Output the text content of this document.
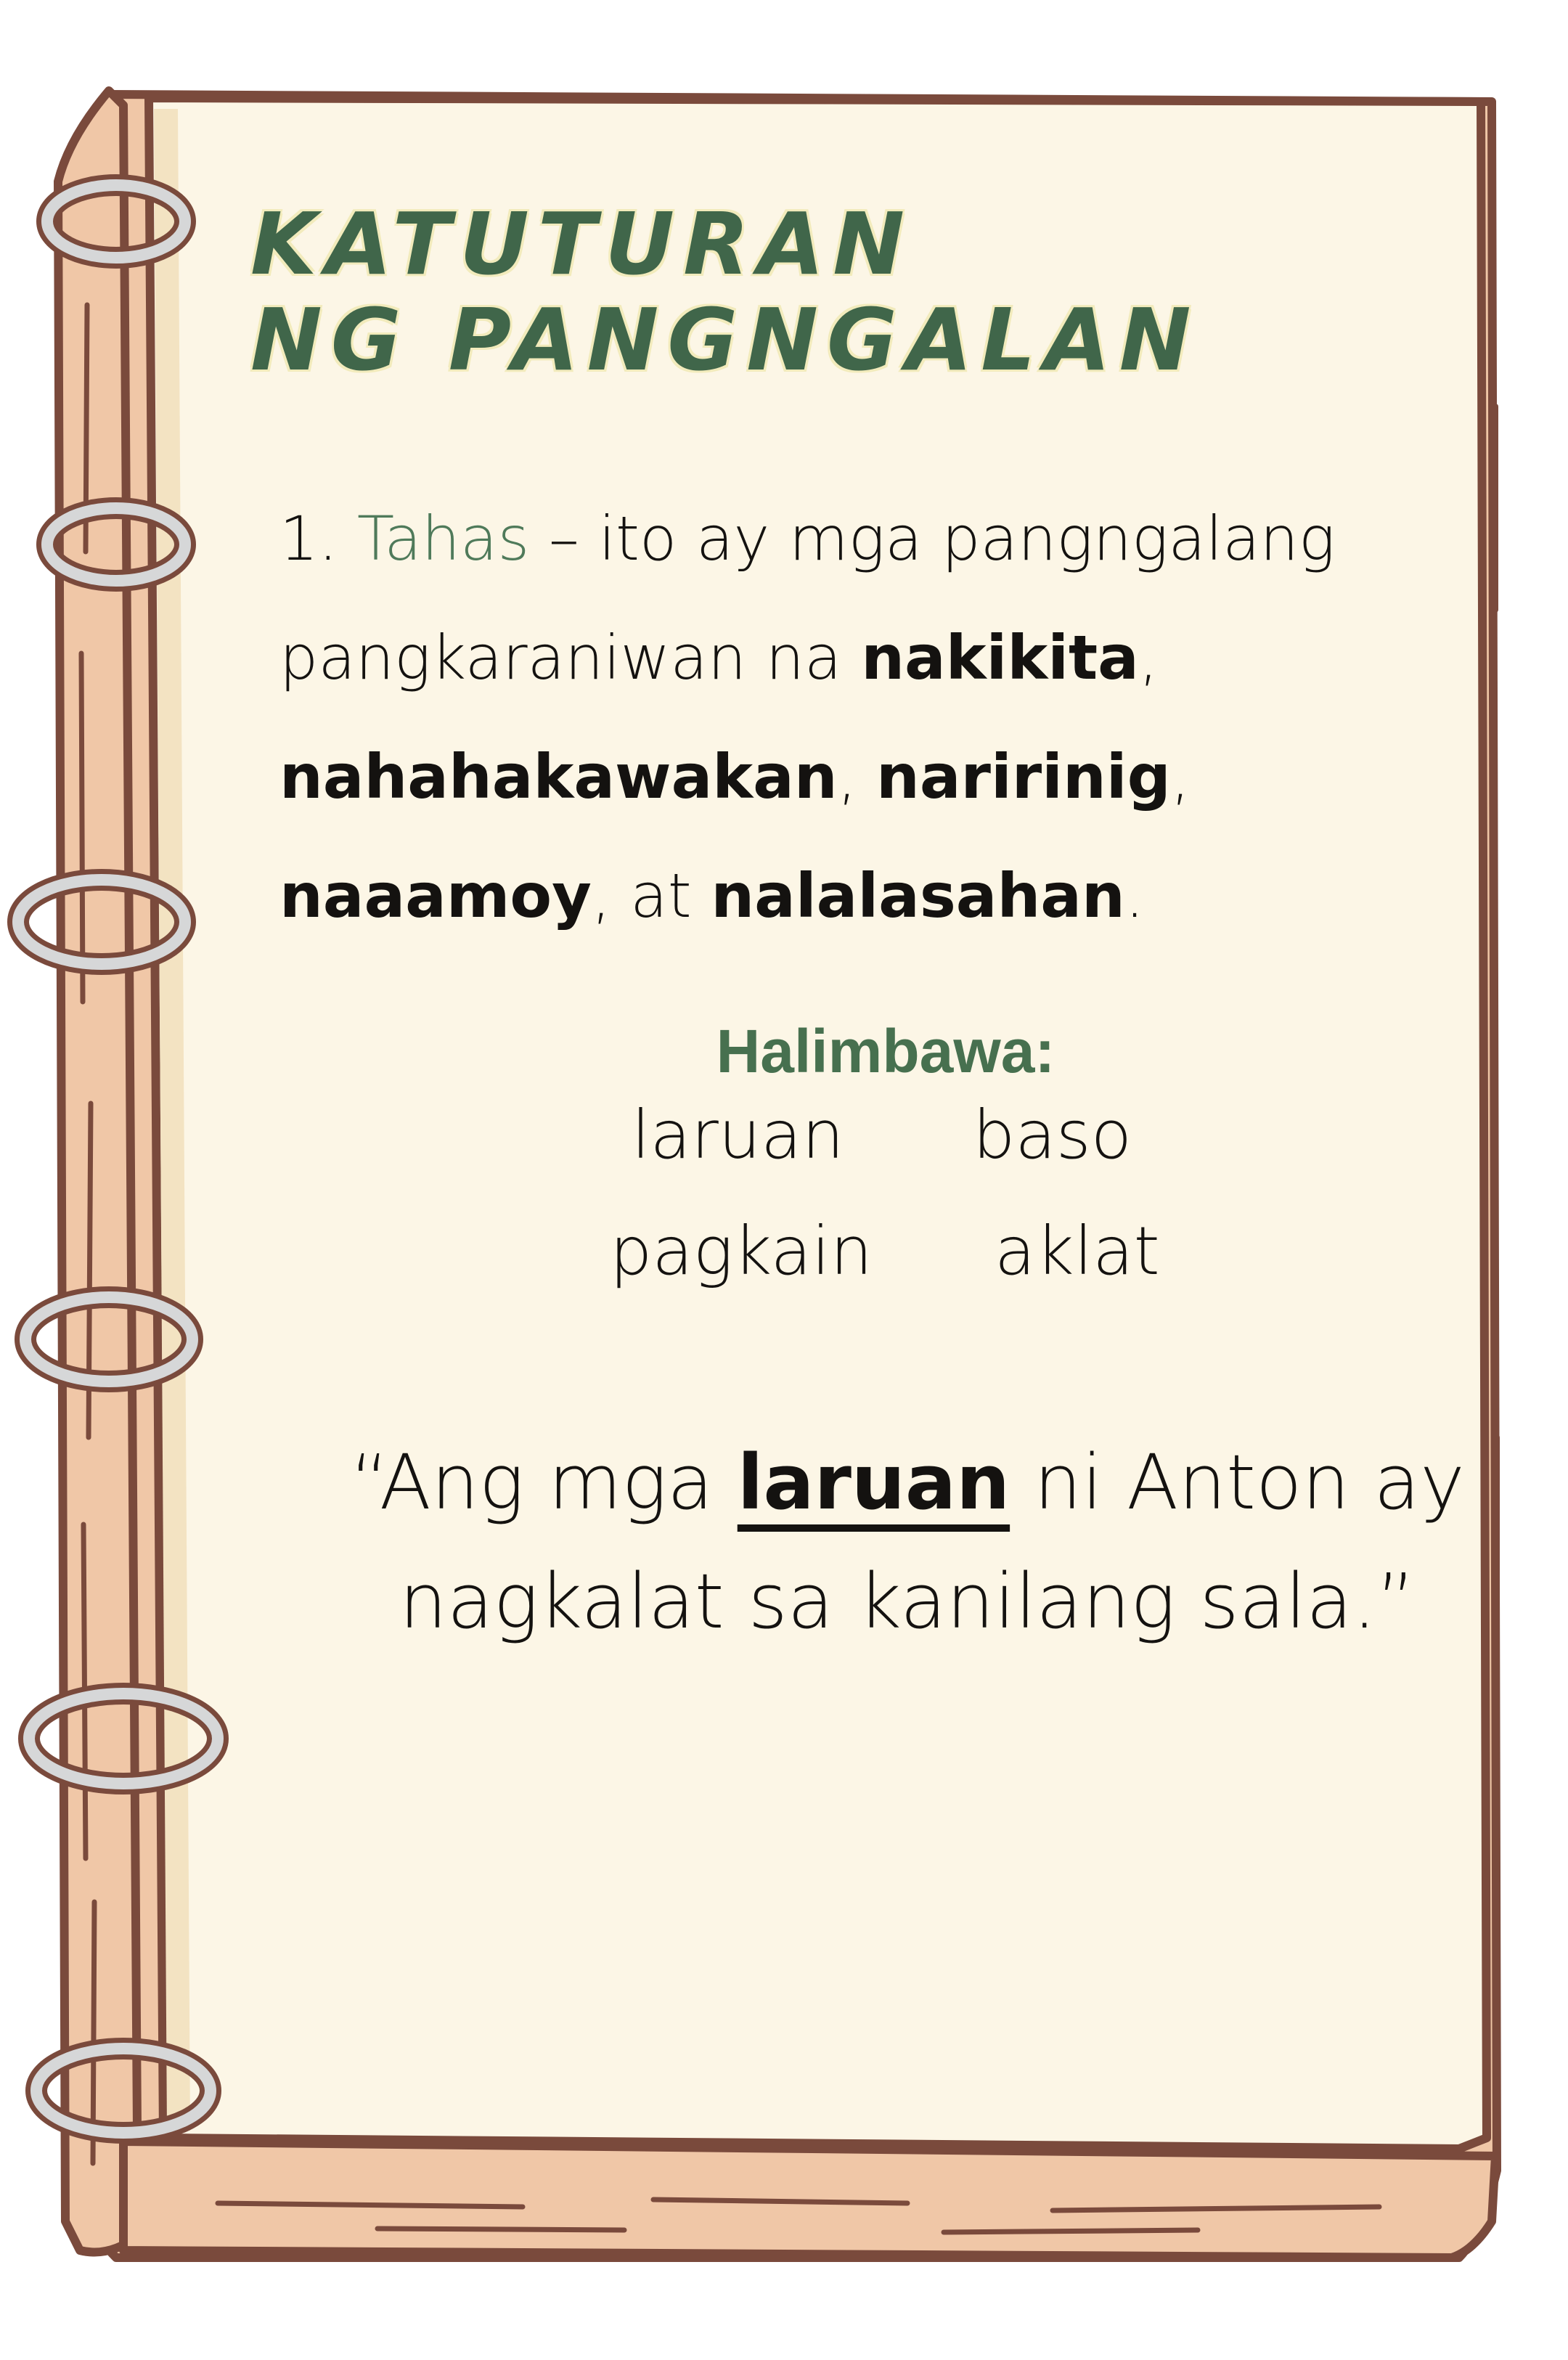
KATUTURAN
NG PANGNGALAN

1. Tahas – ito ay mga pangngalang pangkaraniwan na nakikita, nahahakawakan, naririnig, naaamoy, at nalalasahan.

Halimbawa:

laruan baso

pagkain aklat

“Ang mga laruan ni Anton ay nagkalat sa kanilang sala.”
